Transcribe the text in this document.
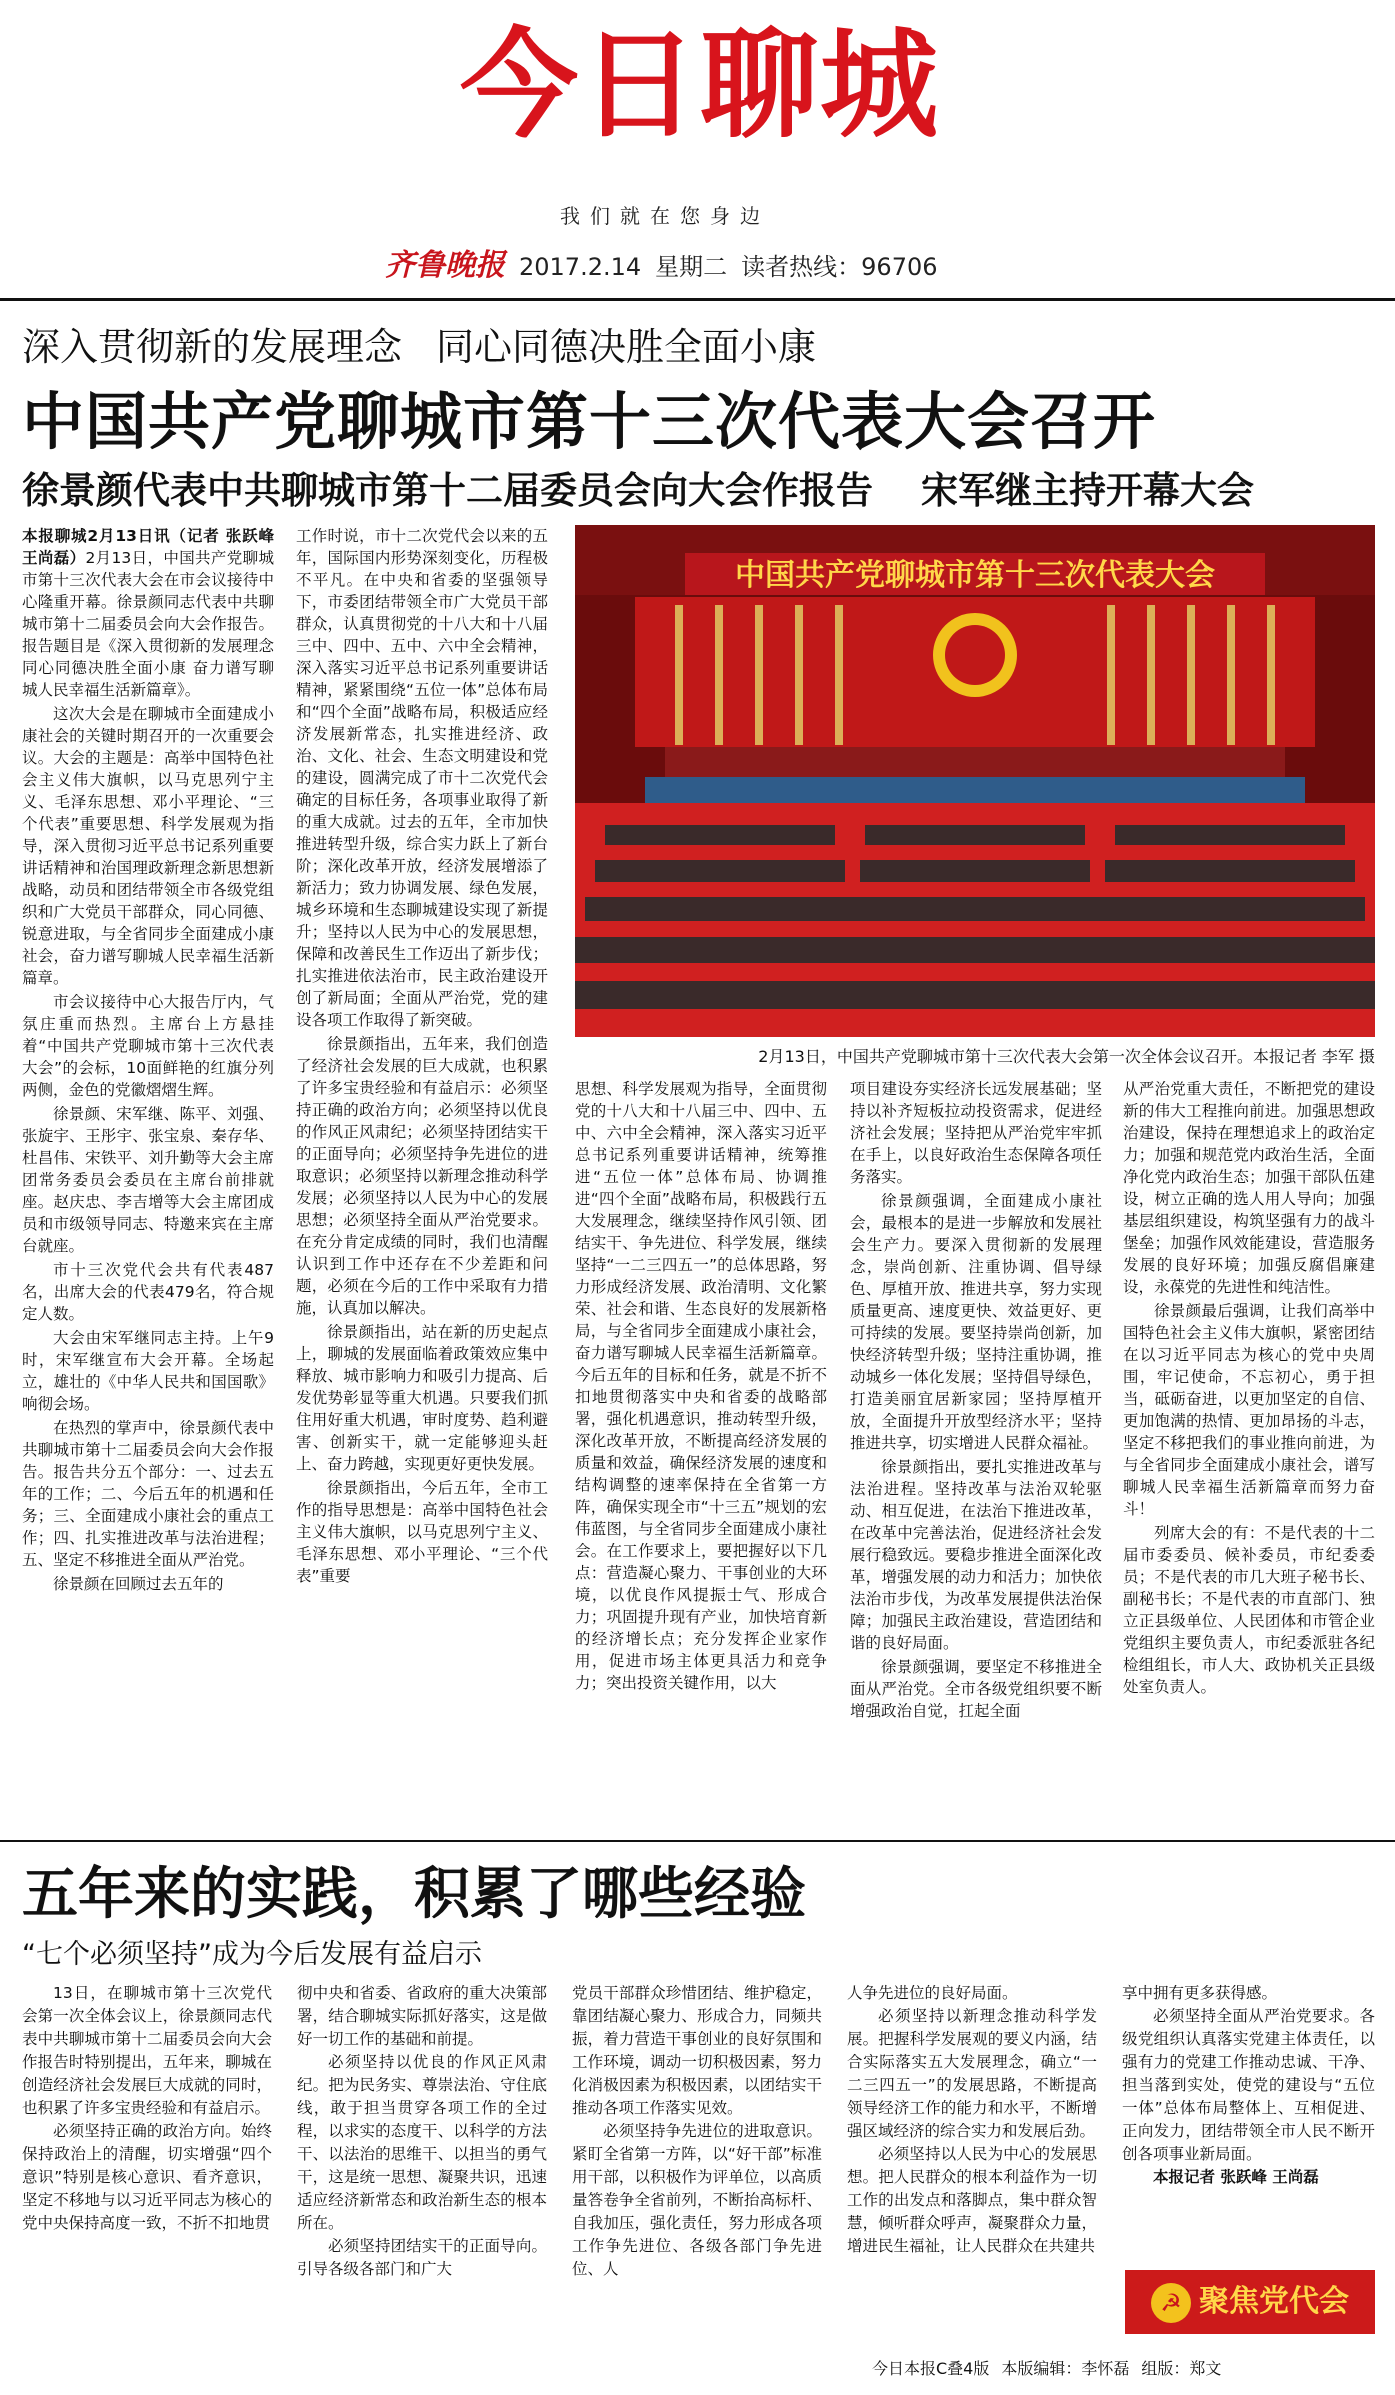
今日聊城
我们就在您身边
齐鲁晚报 2017.2.14 星期二 读者热线：96706
深入贯彻新的发展理念 同心同德决胜全面小康
中国共产党聊城市第十三次代表大会召开
徐景颜代表中共聊城市第十二届委员会向大会作报告 宋军继主持开幕大会

本报聊城2月13日讯（记者 张跃峰 王尚磊）2月13日，中国共产党聊城市第十三次代表大会在市会议接待中心隆重开幕。徐景颜同志代表中共聊城市第十二届委员会向大会作报告。报告题目是《深入贯彻新的发展理念 同心同德决胜全面小康 奋力谱写聊城人民幸福生活新篇章》。

这次大会是在聊城市全面建成小康社会的关键时期召开的一次重要会议。大会的主题是：高举中国特色社会主义伟大旗帜，以马克思列宁主义、毛泽东思想、邓小平理论、“三个代表”重要思想、科学发展观为指导，深入贯彻习近平总书记系列重要讲话精神和治国理政新理念新思想新战略，动员和团结带领全市各级党组织和广大党员干部群众，同心同德、锐意进取，与全省同步全面建成小康社会，奋力谱写聊城人民幸福生活新篇章。

市会议接待中心大报告厅内，气氛庄重而热烈。主席台上方悬挂着“中国共产党聊城市第十三次代表大会”的会标，10面鲜艳的红旗分列两侧，金色的党徽熠熠生辉。

徐景颜、宋军继、陈平、刘强、张旋宇、王彤宇、张宝泉、秦存华、杜昌伟、宋铁平、刘升勤等大会主席团常务委员会委员在主席台前排就座。赵庆忠、李吉增等大会主席团成员和市级领导同志、特邀来宾在主席台就座。

市十三次党代会共有代表487名，出席大会的代表479名，符合规定人数。

大会由宋军继同志主持。上午9时，宋军继宣布大会开幕。全场起立，雄壮的《中华人民共和国国歌》响彻会场。

在热烈的掌声中，徐景颜代表中共聊城市第十二届委员会向大会作报告。报告共分五个部分：一、过去五年的工作；二、今后五年的机遇和任务；三、全面建成小康社会的重点工作；四、扎实推进改革与法治进程；五、坚定不移推进全面从严治党。

徐景颜在回顾过去五年的

工作时说，市十二次党代会以来的五年，国际国内形势深刻变化，历程极不平凡。在中央和省委的坚强领导下，市委团结带领全市广大党员干部群众，认真贯彻党的十八大和十八届三中、四中、五中、六中全会精神，深入落实习近平总书记系列重要讲话精神，紧紧围绕“五位一体”总体布局和“四个全面”战略布局，积极适应经济发展新常态，扎实推进经济、政治、文化、社会、生态文明建设和党的建设，圆满完成了市十二次党代会确定的目标任务，各项事业取得了新的重大成就。过去的五年，全市加快推进转型升级，综合实力跃上了新台阶；深化改革开放，经济发展增添了新活力；致力协调发展、绿色发展，城乡环境和生态聊城建设实现了新提升；坚持以人民为中心的发展思想，保障和改善民生工作迈出了新步伐；扎实推进依法治市，民主政治建设开创了新局面；全面从严治党，党的建设各项工作取得了新突破。

徐景颜指出，五年来，我们创造了经济社会发展的巨大成就，也积累了许多宝贵经验和有益启示：必须坚持正确的政治方向；必须坚持以优良的作风正风肃纪；必须坚持团结实干的正面导向；必须坚持争先进位的进取意识；必须坚持以新理念推动科学发展；必须坚持以人民为中心的发展思想；必须坚持全面从严治党要求。在充分肯定成绩的同时，我们也清醒认识到工作中还存在不少差距和问题，必须在今后的工作中采取有力措施，认真加以解决。

徐景颜指出，站在新的历史起点上，聊城的发展面临着政策效应集中释放、城市影响力和吸引力提高、后发优势彰显等重大机遇。只要我们抓住用好重大机遇，审时度势、趋利避害、创新实干，就一定能够迎头赶上、奋力跨越，实现更好更快发展。

徐景颜指出，今后五年，全市工作的指导思想是：高举中国特色社会主义伟大旗帜，以马克思列宁主义、毛泽东思想、邓小平理论、“三个代表”重要

中国共产党聊城市第十三次代表大会
2月13日，中国共产党聊城市第十三次代表大会第一次全体会议召开。本报记者 李军 摄

思想、科学发展观为指导，全面贯彻党的十八大和十八届三中、四中、五中、六中全会精神，深入落实习近平总书记系列重要讲话精神，统筹推进“五位一体”总体布局、协调推进“四个全面”战略布局，积极践行五大发展理念，继续坚持作风引领、团结实干、争先进位、科学发展，继续坚持“一二三四五一”的总体思路，努力形成经济发展、政治清明、文化繁荣、社会和谐、生态良好的发展新格局，与全省同步全面建成小康社会，奋力谱写聊城人民幸福生活新篇章。今后五年的目标和任务，就是不折不扣地贯彻落实中央和省委的战略部署，强化机遇意识，推动转型升级，深化改革开放，不断提高经济发展的质量和效益，确保经济发展的速度和结构调整的速率保持在全省第一方阵，确保实现全市“十三五”规划的宏伟蓝图，与全省同步全面建成小康社会。在工作要求上，要把握好以下几点：营造凝心聚力、干事创业的大环境，以优良作风提振士气、形成合力；巩固提升现有产业，加快培育新的经济增长点；充分发挥企业家作用，促进市场主体更具活力和竞争力；突出投资关键作用，以大

项目建设夯实经济长远发展基础；坚持以补齐短板拉动投资需求，促进经济社会发展；坚持把从严治党牢牢抓在手上，以良好政治生态保障各项任务落实。

徐景颜强调，全面建成小康社会，最根本的是进一步解放和发展社会生产力。要深入贯彻新的发展理念，崇尚创新、注重协调、倡导绿色、厚植开放、推进共享，努力实现质量更高、速度更快、效益更好、更可持续的发展。要坚持崇尚创新，加快经济转型升级；坚持注重协调，推动城乡一体化发展；坚持倡导绿色，打造美丽宜居新家园；坚持厚植开放，全面提升开放型经济水平；坚持推进共享，切实增进人民群众福祉。

徐景颜指出，要扎实推进改革与法治进程。坚持改革与法治双轮驱动、相互促进，在法治下推进改革，在改革中完善法治，促进经济社会发展行稳致远。要稳步推进全面深化改革，增强发展的动力和活力；加快依法治市步伐，为改革发展提供法治保障；加强民主政治建设，营造团结和谐的良好局面。

徐景颜强调，要坚定不移推进全面从严治党。全市各级党组织要不断增强政治自觉，扛起全面

从严治党重大责任，不断把党的建设新的伟大工程推向前进。加强思想政治建设，保持在理想追求上的政治定力；加强和规范党内政治生活，全面净化党内政治生态；加强干部队伍建设，树立正确的选人用人导向；加强基层组织建设，构筑坚强有力的战斗堡垒；加强作风效能建设，营造服务发展的良好环境；加强反腐倡廉建设，永葆党的先进性和纯洁性。

徐景颜最后强调，让我们高举中国特色社会主义伟大旗帜，紧密团结在以习近平同志为核心的党中央周围，牢记使命，不忘初心，勇于担当，砥砺奋进，以更加坚定的自信、更加饱满的热情、更加昂扬的斗志，坚定不移把我们的事业推向前进，为与全省同步全面建成小康社会，谱写聊城人民幸福生活新篇章而努力奋斗！

列席大会的有：不是代表的十二届市委委员、候补委员，市纪委委员；不是代表的市几大班子秘书长、副秘书长；不是代表的市直部门、独立正县级单位、人民团体和市管企业党组织主要负责人，市纪委派驻各纪检组组长，市人大、政协机关正县级处室负责人。

五年来的实践，积累了哪些经验
“七个必须坚持”成为今后发展有益启示

13日，在聊城市第十三次党代会第一次全体会议上，徐景颜同志代表中共聊城市第十二届委员会向大会作报告时特别提出，五年来，聊城在创造经济社会发展巨大成就的同时，也积累了许多宝贵经验和有益启示。

必须坚持正确的政治方向。始终保持政治上的清醒，切实增强“四个意识”特别是核心意识、看齐意识，坚定不移地与以习近平同志为核心的党中央保持高度一致，不折不扣地贯

彻中央和省委、省政府的重大决策部署，结合聊城实际抓好落实，这是做好一切工作的基础和前提。

必须坚持以优良的作风正风肃纪。把为民务实、尊崇法治、守住底线，敢于担当贯穿各项工作的全过程，以求实的态度干、以科学的方法干、以法治的思维干、以担当的勇气干，这是统一思想、凝聚共识，迅速适应经济新常态和政治新生态的根本所在。

必须坚持团结实干的正面导向。引导各级各部门和广大

党员干部群众珍惜团结、维护稳定，靠团结凝心聚力、形成合力，同频共振，着力营造干事创业的良好氛围和工作环境，调动一切积极因素，努力化消极因素为积极因素，以团结实干推动各项工作落实见效。

必须坚持争先进位的进取意识。紧盯全省第一方阵，以“好干部”标准用干部，以积极作为评单位，以高质量答卷争全省前列，不断抬高标杆、自我加压，强化责任，努力形成各项工作争先进位、各级各部门争先进位、人

人争先进位的良好局面。

必须坚持以新理念推动科学发展。把握科学发展观的要义内涵，结合实际落实五大发展理念，确立“一二三四五一”的发展思路，不断提高领导经济工作的能力和水平，不断增强区域经济的综合实力和发展后劲。

必须坚持以人民为中心的发展思想。把人民群众的根本利益作为一切工作的出发点和落脚点，集中群众智慧，倾听群众呼声，凝聚群众力量，增进民生福祉，让人民群众在共建共

享中拥有更多获得感。

必须坚持全面从严治党要求。各级党组织认真落实党建主体责任，以强有力的党建工作推动忠诚、干净、担当落到实处，使党的建设与“五位一体”总体布局整体上、互相促进、正向发力，团结带领全市人民不断开创各项事业新局面。

本报记者 张跃峰 王尚磊

☭ 聚焦党代会
今日本报C叠4版 本版编辑：李怀磊 组版：郑文
